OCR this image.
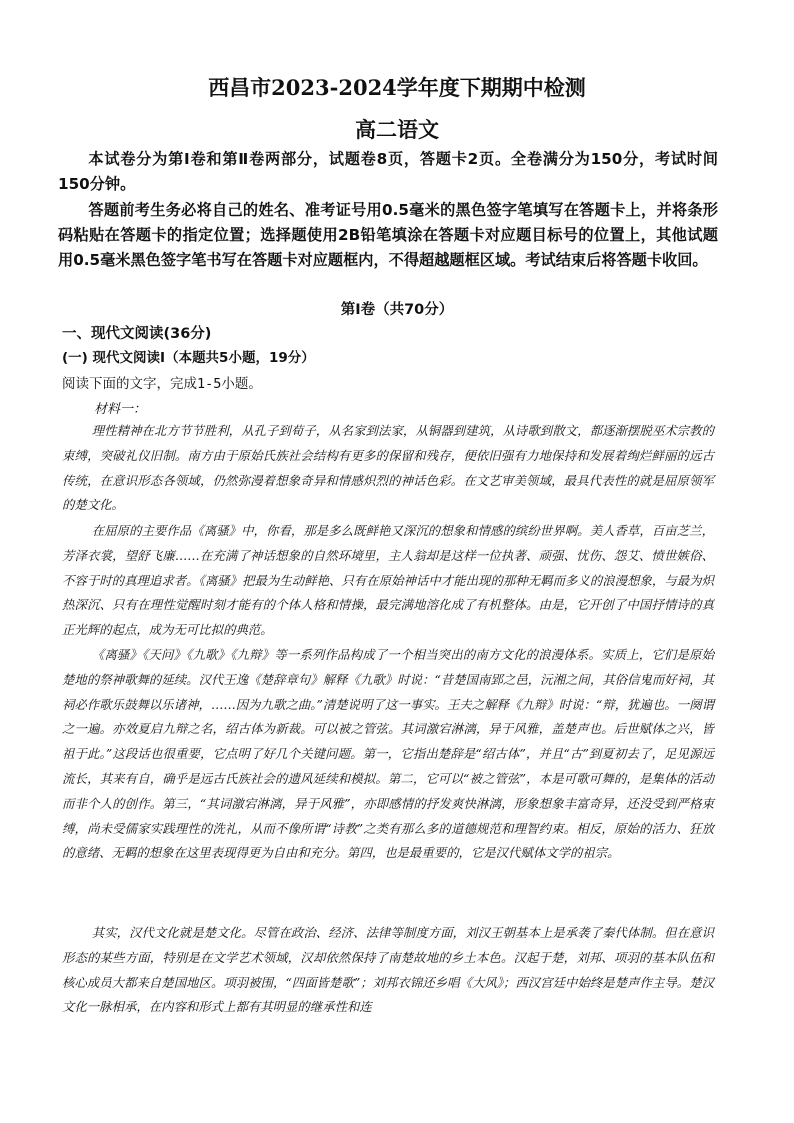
西昌市2023-2024学年度下期期中检测
高二语文

本试卷分为第Ⅰ卷和第Ⅱ卷两部分，试题卷8页，答题卡2页。全卷满分为150分，考试时间150分钟。

答题前考生务必将自己的姓名、准考证号用0.5毫米的黑色签字笔填写在答题卡上，并将条形码粘贴在答题卡的指定位置；选择题使用2B铅笔填涂在答题卡对应题目标号的位置上，其他试题用0.5毫米黑色签字笔书写在答题卡对应题框内，不得超越题框区域。考试结束后将答题卡收回。

第Ⅰ卷（共70分）
一、现代文阅读(36分)
(一) 现代文阅读Ⅰ（本题共5小题，19分）
阅读下面的文字，完成1-5小题。
材料一：

理性精神在北方节节胜利，从孔子到荀子，从名家到法家，从铜器到建筑，从诗歌到散文，都逐渐摆脱巫术宗教的束缚，突破礼仪旧制。南方由于原始氏族社会结构有更多的保留和残存，便依旧强有力地保持和发展着绚烂鲜丽的远古传统，在意识形态各领域，仍然弥漫着想象奇异和情感炽烈的神话色彩。在文艺审美领域，最具代表性的就是屈原领军的楚文化。

在屈原的主要作品《离骚》中，你看，那是多么既鲜艳又深沉的想象和情感的缤纷世界啊。美人香草，百亩芝兰，芳泽衣裳，望舒飞廉……在充满了神话想象的自然环境里，主人翁却是这样一位执著、顽强、忧伤、怨艾、愤世嫉俗、不容于时的真理追求者。《离骚》把最为生动鲜艳、只有在原始神话中才能出现的那种无羁而多义的浪漫想象，与最为炽热深沉、只有在理性觉醒时刻才能有的个体人格和情操，最完满地溶化成了有机整体。由是，它开创了中国抒情诗的真正光辉的起点，成为无可比拟的典范。

《离骚》《天问》《九歌》《九辩》等一系列作品构成了一个相当突出的南方文化的浪漫体系。实质上，它们是原始楚地的祭神歌舞的延续。汉代王逸《楚辞章句》解释《九歌》时说：“昔楚国南郢之邑，沅湘之间，其俗信鬼而好祠，其祠必作歌乐鼓舞以乐诸神，……因为九歌之曲。”清楚说明了这一事实。王夫之解释《九辩》时说：“辩，犹遍也。一阕谓之一遍。亦效夏启九辩之名，绍古体为新裁。可以被之管弦。其词激宕淋漓，异于风雅，盖楚声也。后世赋体之兴，皆祖于此。”这段话也很重要，它点明了好几个关键问题。第一，它指出楚辞是“绍古体”，并且“古”到夏初去了，足见源远流长，其来有自，确乎是远古氏族社会的遗风延续和模拟。第二，它可以“被之管弦”，本是可歌可舞的，是集体的活动而非个人的创作。第三，“其词激宕淋漓，异于风雅”，亦即感情的抒发爽快淋漓，形象想象丰富奇异，还没受到严格束缚，尚未受儒家实践理性的洗礼，从而不像所谓“诗教”之类有那么多的道德规范和理智约束。相反，原始的活力、狂放的意绪、无羁的想象在这里表现得更为自由和充分。第四，也是最重要的，它是汉代赋体文学的祖宗。

其实，汉代文化就是楚文化。尽管在政治、经济、法律等制度方面，刘汉王朝基本上是承袭了秦代体制。但在意识形态的某些方面，特别是在文学艺术领域，汉却依然保持了南楚故地的乡土本色。汉起于楚，刘邦、项羽的基本队伍和核心成员大都来自楚国地区。项羽被围，“四面皆楚歌”；刘邦衣锦还乡唱《大风》；西汉宫廷中始终是楚声作主导。楚汉文化一脉相承，在内容和形式上都有其明显的继承性和连
